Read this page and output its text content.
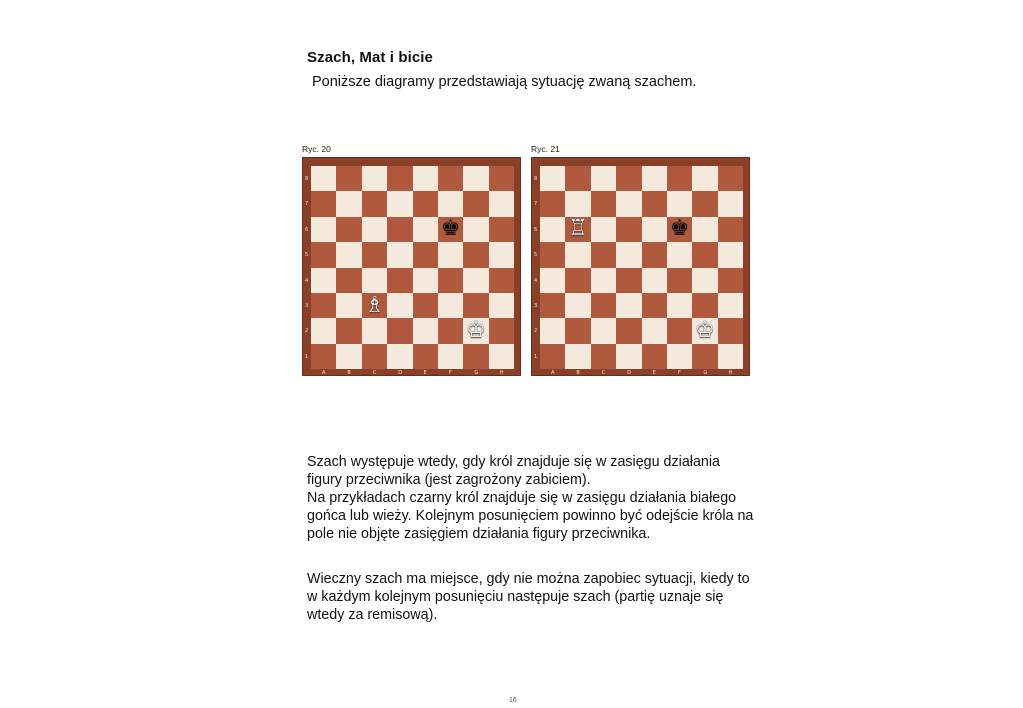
Szach, Mat i bicie
Poniższe diagramy przedstawiają sytuację zwaną szachem.
Ryc. 20	Ryc. 21
♚
♗
♔
8
7
6
5
4
3
2
1
A	B	C	D	E	F	G	H
♖	♚
♔
8
7
6
5
4
3
2
1
A	B	C	D	E	F	G	H
Szach występuje wtedy, gdy król znajduje się w zasięgu działania figury przeciwnika (jest zagrożony zabiciem).
Na przykładach czarny król znajduje się w zasięgu działania białego gońca lub wieży. Kolejnym posunięciem powinno być odejście króla na pole nie objęte zasięgiem działania figury przeciwnika.
Wieczny szach ma miejsce, gdy nie można zapobiec sytuacji, kiedy to w każdym kolejnym posunięciu następuje szach (partię uznaje się wtedy za remisową).
16
